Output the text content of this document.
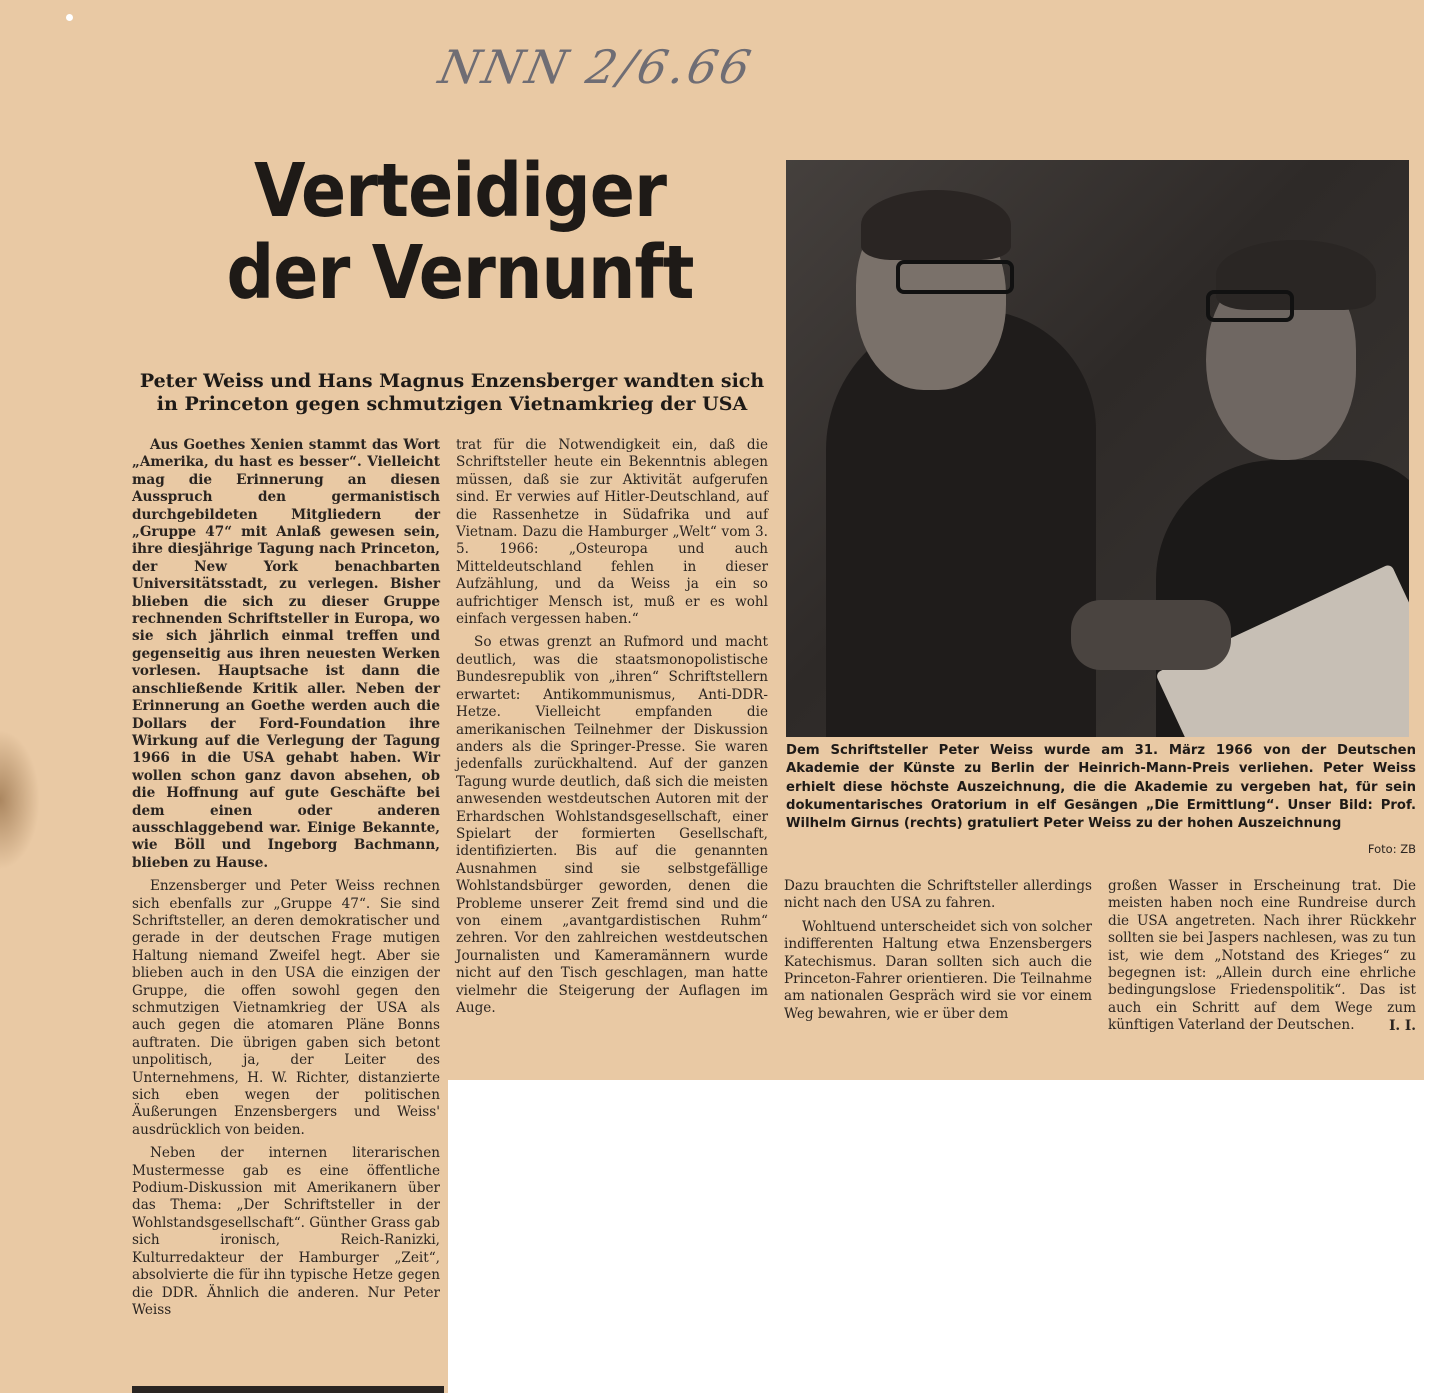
NNN 2/6.66
Verteidiger
der Vernunft
Peter Weiss und Hans Magnus Enzensberger wandten sich in Princeton gegen schmutzigen Vietnamkrieg der USA

Aus Goethes Xenien stammt das Wort „Amerika, du hast es besser“. Vielleicht mag die Erinnerung an diesen Ausspruch den germanistisch durchgebildeten Mitgliedern der „Gruppe 47“ mit Anlaß gewesen sein, ihre diesjährige Tagung nach Princeton, der New York benachbarten Universitätsstadt, zu verlegen. Bisher blieben die sich zu dieser Gruppe rechnenden Schriftsteller in Europa, wo sie sich jährlich einmal treffen und gegenseitig aus ihren neuesten Werken vorlesen. Hauptsache ist dann die anschließende Kritik aller. Neben der Erinnerung an Goethe werden auch die Dollars der Ford-Foundation ihre Wirkung auf die Verlegung der Tagung 1966 in die USA gehabt haben. Wir wollen schon ganz davon absehen, ob die Hoffnung auf gute Geschäfte bei dem einen oder anderen ausschlaggebend war. Einige Bekannte, wie Böll und Ingeborg Bachmann, blieben zu Hause.

Enzensberger und Peter Weiss rechnen sich ebenfalls zur „Gruppe 47“. Sie sind Schriftsteller, an deren demokratischer und gerade in der deutschen Frage mutigen Haltung niemand Zweifel hegt. Aber sie blieben auch in den USA die einzigen der Gruppe, die offen sowohl gegen den schmutzigen Vietnamkrieg der USA als auch gegen die atomaren Pläne Bonns auftraten. Die übrigen gaben sich betont unpolitisch, ja, der Leiter des Unternehmens, H. W. Richter, distanzierte sich eben wegen der politischen Äußerungen Enzensbergers und Weiss' ausdrücklich von beiden.

Neben der internen literarischen Mustermesse gab es eine öffentliche Podium-Diskussion mit Amerikanern über das Thema: „Der Schriftsteller in der Wohlstandsgesellschaft“. Günther Grass gab sich ironisch, Reich-Ranizki, Kulturredakteur der Hamburger „Zeit“, absolvierte die für ihn typische Hetze gegen die DDR. Ähnlich die anderen. Nur Peter Weiss

trat für die Notwendigkeit ein, daß die Schriftsteller heute ein Bekenntnis ablegen müssen, daß sie zur Aktivität aufgerufen sind. Er verwies auf Hitler-Deutschland, auf die Rassenhetze in Südafrika und auf Vietnam. Dazu die Hamburger „Welt“ vom 3. 5. 1966: „Osteuropa und auch Mitteldeutschland fehlen in dieser Aufzählung, und da Weiss ja ein so aufrichtiger Mensch ist, muß er es wohl einfach vergessen haben.“

So etwas grenzt an Rufmord und macht deutlich, was die staatsmonopolistische Bundesrepublik von „ihren“ Schriftstellern erwartet: Antikommunismus, Anti-DDR-Hetze. Vielleicht empfanden die amerikanischen Teilnehmer der Diskussion anders als die Springer-Presse. Sie waren jedenfalls zurückhaltend. Auf der ganzen Tagung wurde deutlich, daß sich die meisten anwesenden westdeutschen Autoren mit der Erhardschen Wohlstandsgesellschaft, einer Spielart der formierten Gesellschaft, identifizierten. Bis auf die genannten Ausnahmen sind sie selbstgefällige Wohlstandsbürger geworden, denen die Probleme unserer Zeit fremd sind und die von einem „avantgardistischen Ruhm“ zehren. Vor den zahlreichen westdeutschen Journalisten und Kameramännern wurde nicht auf den Tisch geschlagen, man hatte vielmehr die Steigerung der Auflagen im Auge.

Dem Schriftsteller Peter Weiss wurde am 31. März 1966 von der Deutschen Akademie der Künste zu Berlin der Heinrich-Mann-Preis verliehen. Peter Weiss erhielt diese höchste Auszeichnung, die die Akademie zu vergeben hat, für sein dokumentarisches Oratorium in elf Gesängen „Die Ermittlung“. Unser Bild: Prof. Wilhelm Girnus (rechts) gratuliert Peter Weiss zu der hohen Auszeichnung
Foto: ZB

Dazu brauchten die Schriftsteller allerdings nicht nach den USA zu fahren.

Wohltuend unterscheidet sich von solcher indifferenten Haltung etwa Enzensbergers Katechismus. Daran sollten sich auch die Princeton-Fahrer orientieren. Die Teilnahme am nationalen Gespräch wird sie vor einem Weg bewahren, wie er über dem

großen Wasser in Erscheinung trat. Die meisten haben noch eine Rundreise durch die USA angetreten. Nach ihrer Rückkehr sollten sie bei Jaspers nachlesen, was zu tun ist, wie dem „Notstand des Krieges“ zu begegnen ist: „Allein durch eine ehrliche bedingungslose Friedenspolitik“. Das ist auch ein Schritt auf dem Wege zum künftigen Vaterland der Deutschen.	I. I.
